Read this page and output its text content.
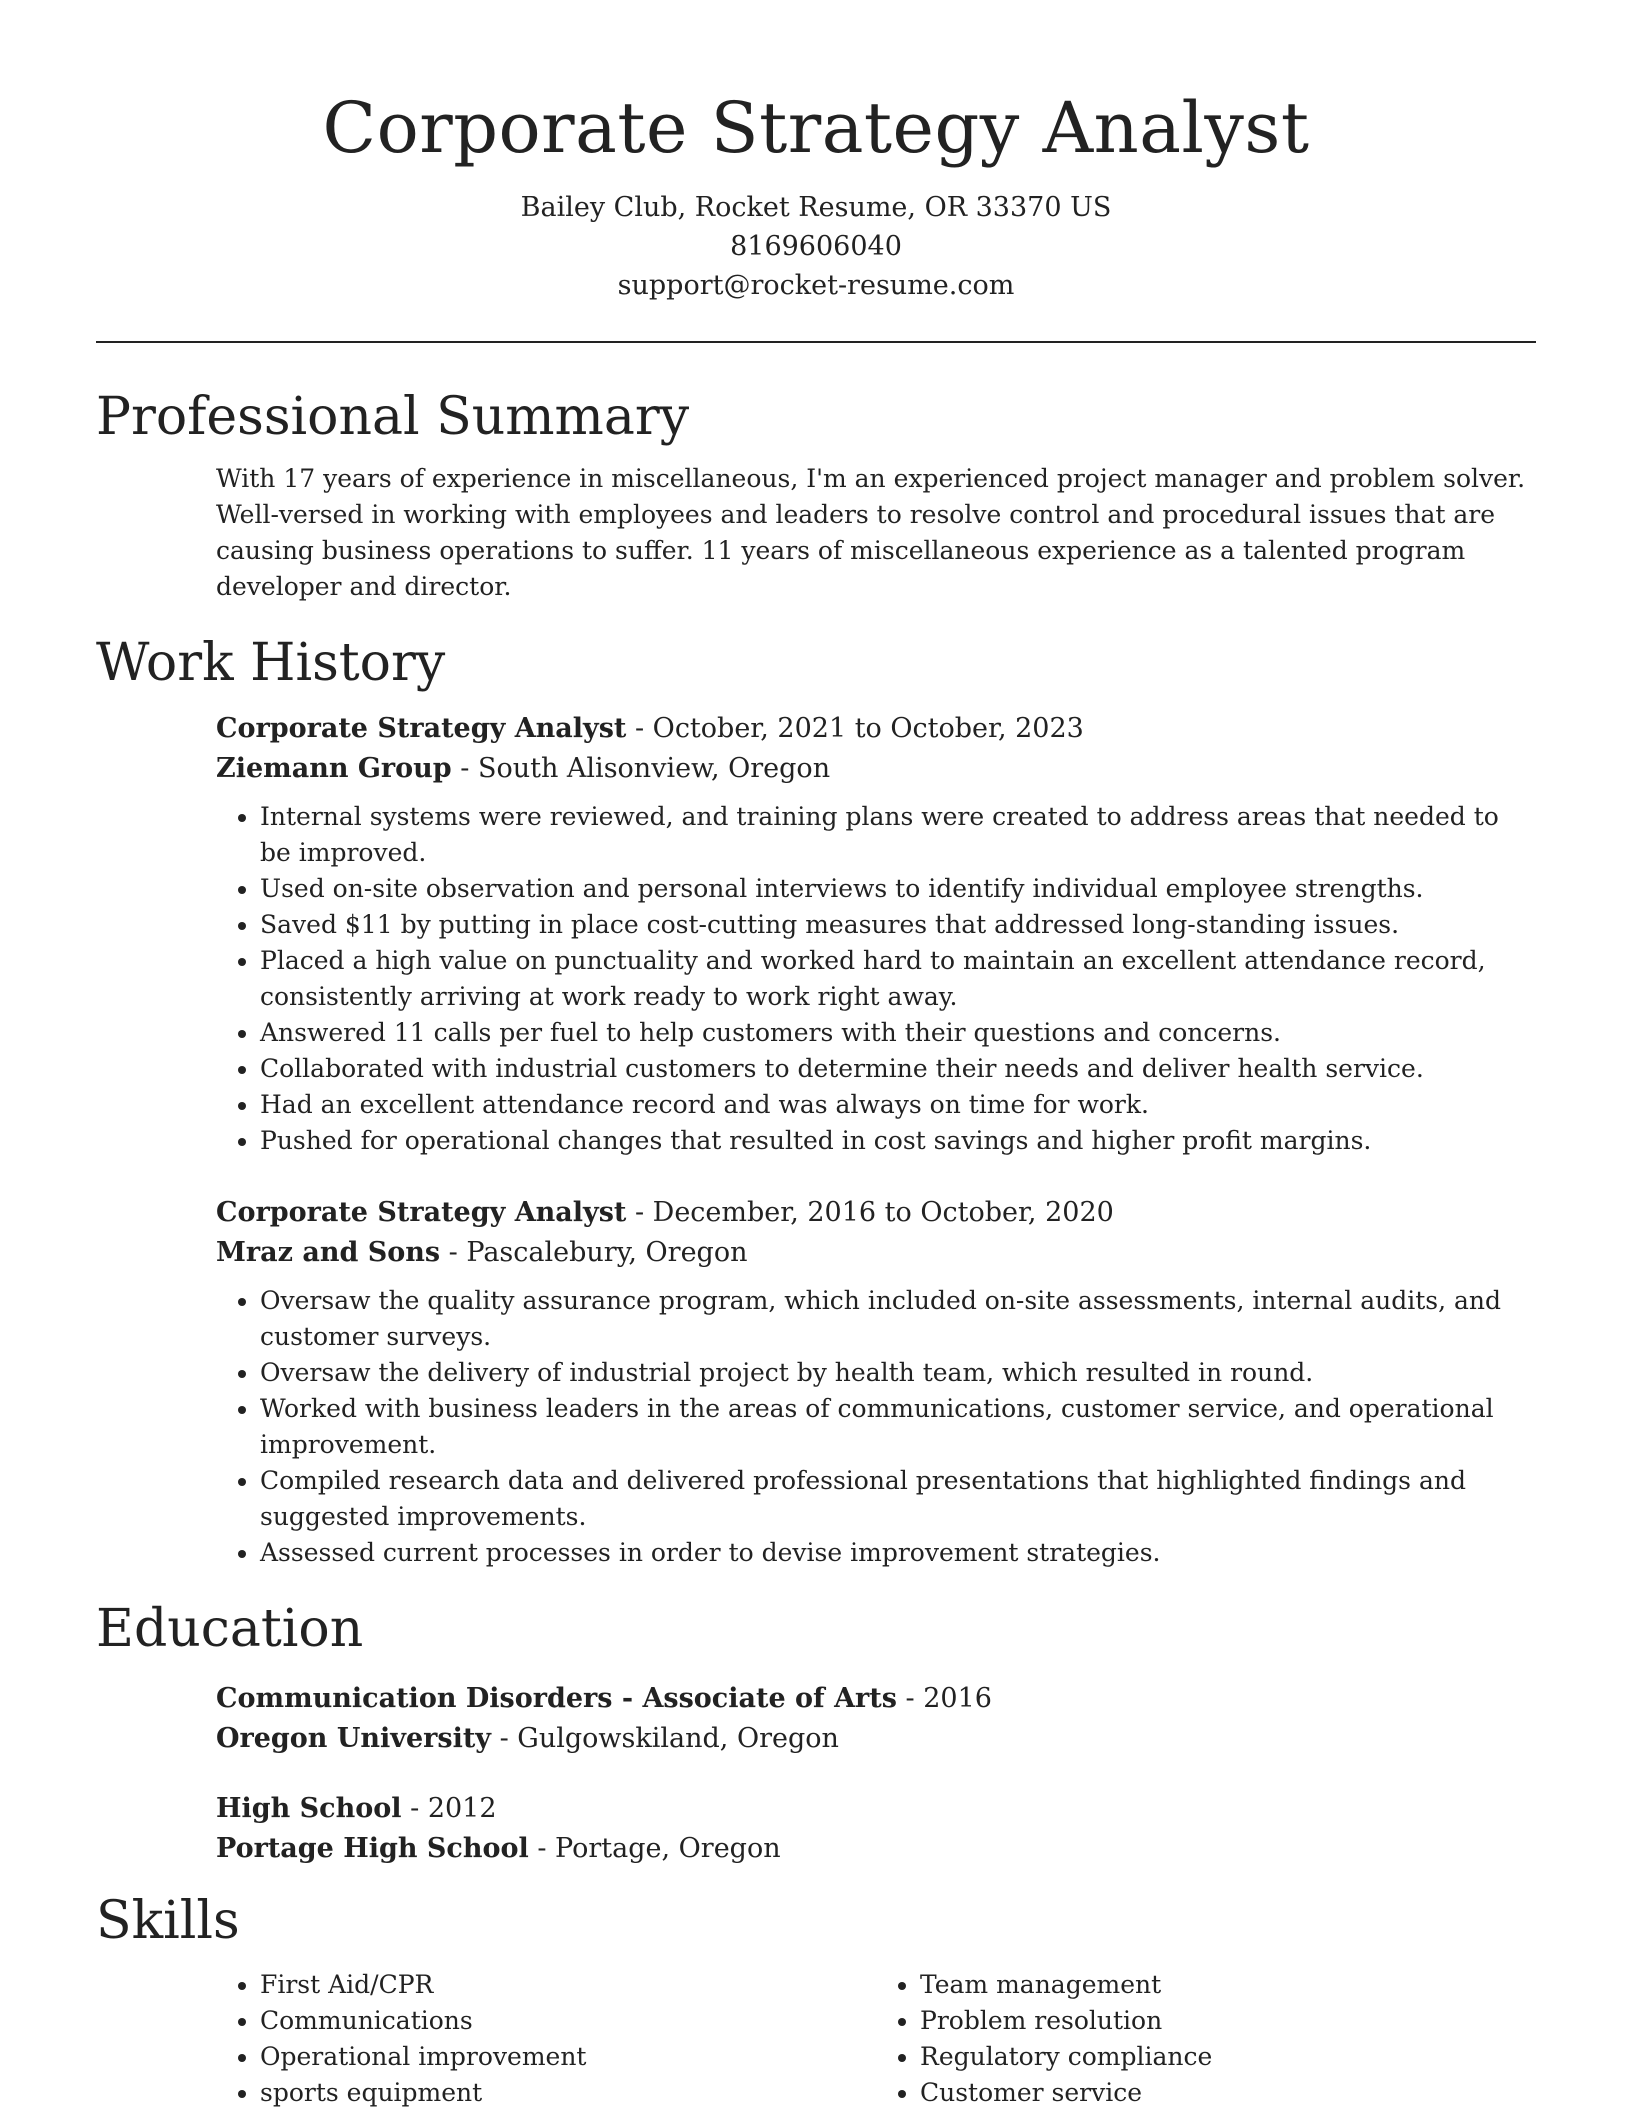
Corporate Strategy Analyst
Bailey Club, Rocket Resume, OR 33370 US
8169606040
support@rocket-resume.com
Professional Summary

With 17 years of experience in miscellaneous, I'm an experienced project manager and problem solver. Well-versed in working with employees and leaders to resolve control and procedural issues that are causing business operations to suffer. 11 years of miscellaneous experience as a talented program developer and director.

Work History

Corporate Strategy Analyst - October, 2021 to October, 2023

Ziemann Group - South Alisonview, Oregon

• Internal systems were reviewed, and training plans were created to address areas that needed to be improved.
• Used on-site observation and personal interviews to identify individual employee strengths.
• Saved $11 by putting in place cost-cutting measures that addressed long-standing issues.
• Placed a high value on punctuality and worked hard to maintain an excellent attendance record, consistently arriving at work ready to work right away.
• Answered 11 calls per fuel to help customers with their questions and concerns.
• Collaborated with industrial customers to determine their needs and deliver health service.
• Had an excellent attendance record and was always on time for work.
• Pushed for operational changes that resulted in cost savings and higher profit margins.

Corporate Strategy Analyst - December, 2016 to October, 2020

Mraz and Sons - Pascalebury, Oregon

• Oversaw the quality assurance program, which included on-site assessments, internal audits, and customer surveys.
• Oversaw the delivery of industrial project by health team, which resulted in round.
• Worked with business leaders in the areas of communications, customer service, and operational improvement.
• Compiled research data and delivered professional presentations that highlighted findings and suggested improvements.
• Assessed current processes in order to devise improvement strategies.
Education

Communication Disorders - Associate of Arts - 2016

Oregon University - Gulgowskiland, Oregon

High School - 2012

Portage High School - Portage, Oregon

Skills
• First Aid/CPR
• Communications
• Operational improvement
• sports equipment
• Team management
• Problem resolution
• Regulatory compliance
• Customer service
